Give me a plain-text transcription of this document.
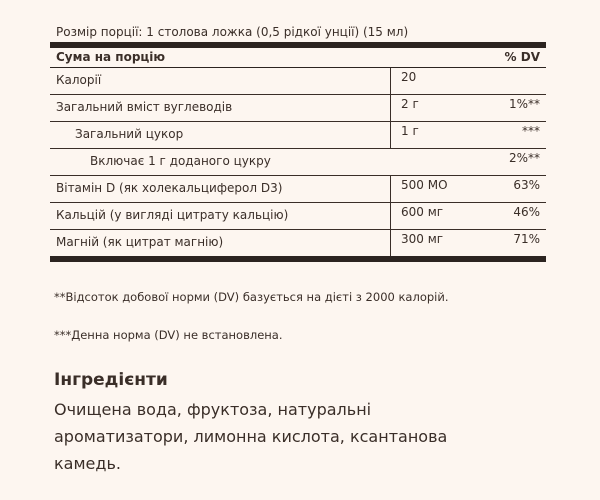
Розмір порції: 1 столова ложка (0,5 рідкої унції) (15 мл)
Сума на порцію	% DV
Калорії	20
Загальний вміст вуглеводів	2 г	1%**
Загальний цукор	1 г	***
Включає 1 г доданого цукру	2%**
Вітамін D (як холекальциферол D3)	500 МО	63%
Кальцій (у вигляді цитрату кальцію)	600 мг	46%
Магній (як цитрат магнію)	300 мг	71%
**Відсоток добової норми (DV) базується на дієті з 2000 калорій.
***Денна норма (DV) не встановлена.
Інгредієнти
Очищена вода, фруктоза, натуральні ароматизатори, лимонна кислота, ксантанова камедь.
